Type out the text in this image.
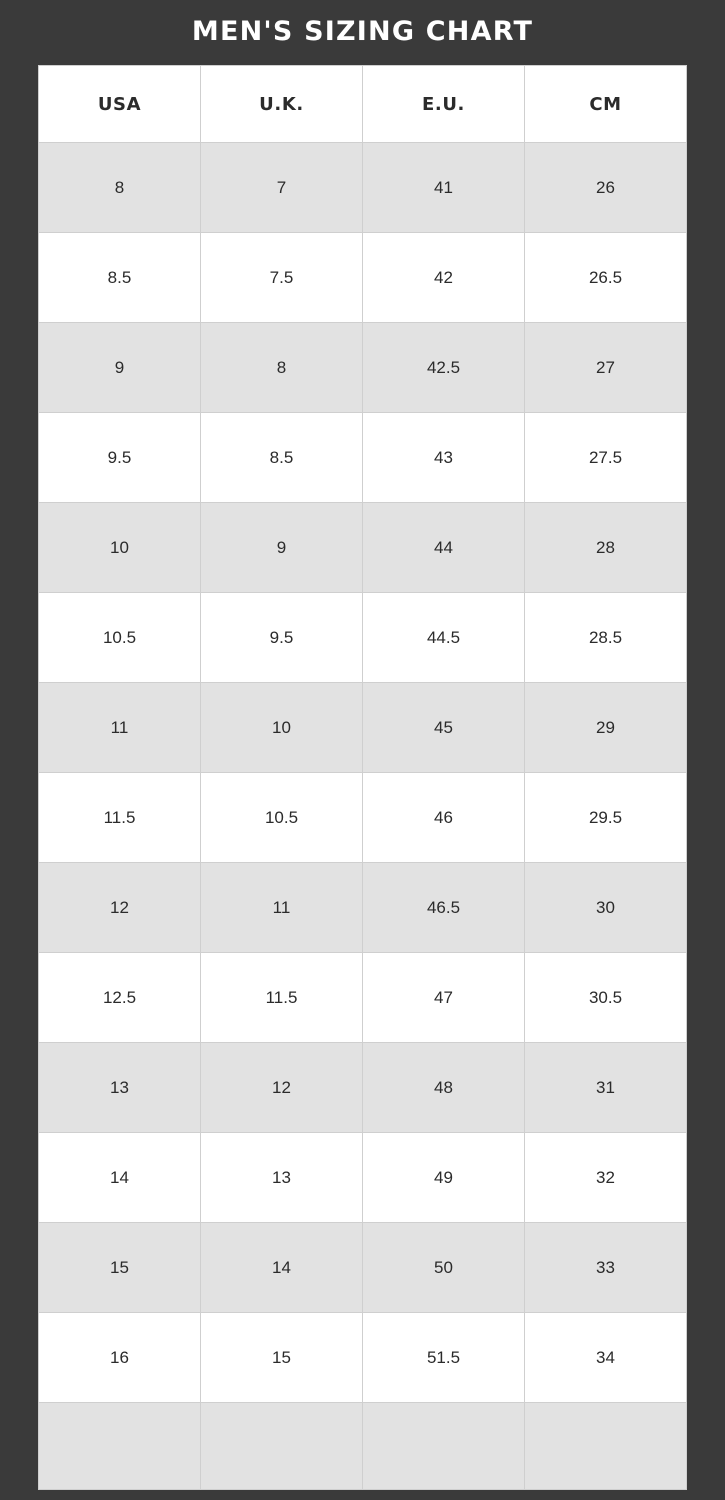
MEN'S SIZING CHART
USA	U.K.	E.U.	CM
8	7	41	26
8.5	7.5	42	26.5
9	8	42.5	27
9.5	8.5	43	27.5
10	9	44	28
10.5	9.5	44.5	28.5
11	10	45	29
11.5	10.5	46	29.5
12	11	46.5	30
12.5	11.5	47	30.5
13	12	48	31
14	13	49	32
15	14	50	33
16	15	51.5	34
